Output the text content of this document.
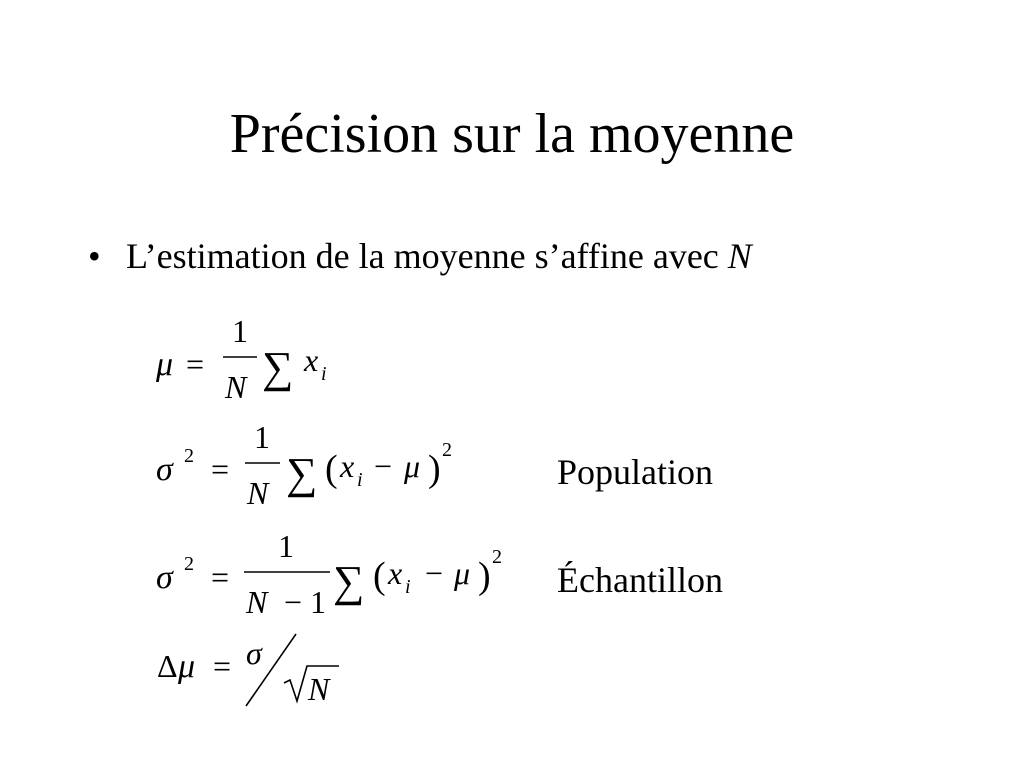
Précision sur la moyenne
• L’estimation de la moyenne s’affine avec N
μ =
1
N ∑ x i
σ 2 =
1
N ∑ ( x i − μ ) 2
σ 2 =
1
N − 1 ∑ ( x i − μ ) 2
Δ μ = σ
N
Population
Échantillon
